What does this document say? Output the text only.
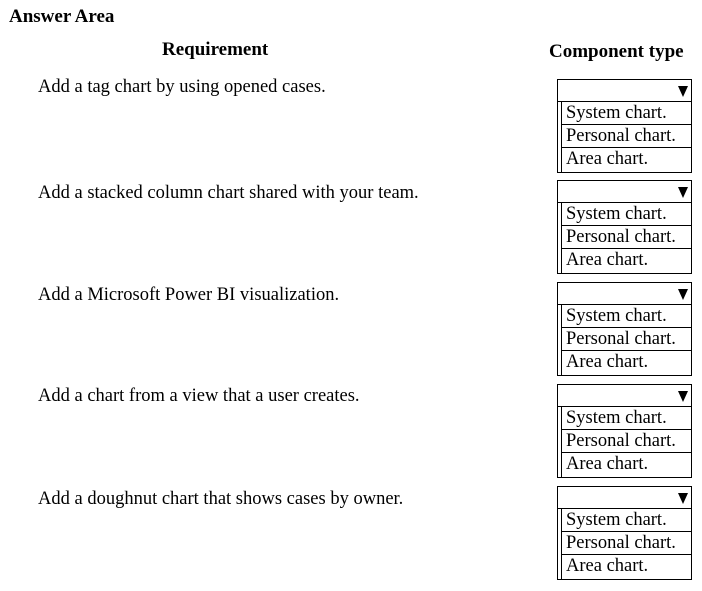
Answer Area
Requirement	Component type
Add a tag chart by using opened cases.
System chart.
Personal chart.
Area chart.
Add a stacked column chart shared with your team.
System chart.
Personal chart.
Area chart.
Add a Microsoft Power BI visualization.
System chart.
Personal chart.
Area chart.
Add a chart from a view that a user creates.
System chart.
Personal chart.
Area chart.
Add a doughnut chart that shows cases by owner.
System chart.
Personal chart.
Area chart.
